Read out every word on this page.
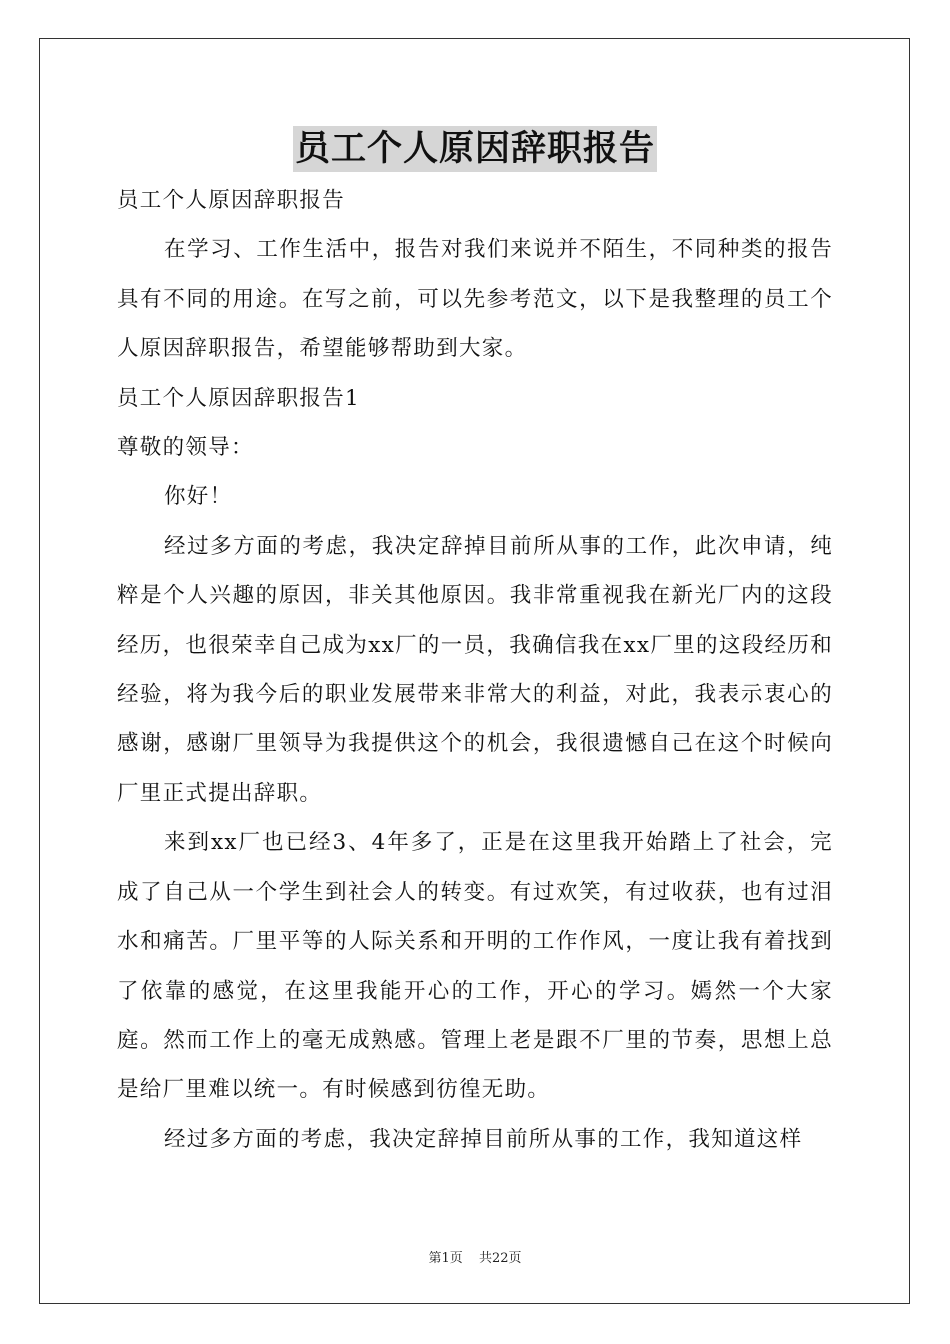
员工个人原因辞职报告

员工个人原因辞职报告

在学习、工作生活中，报告对我们来说并不陌生，不同种类的报告具有不同的用途。在写之前，可以先参考范文，以下是我整理的员工个人原因辞职报告，希望能够帮助到大家。

员工个人原因辞职报告1

尊敬的领导：

你好！

经过多方面的考虑，我决定辞掉目前所从事的工作，此次申请，纯粹是个人兴趣的原因，非关其他原因。我非常重视我在新光厂内的这段经历，也很荣幸自己成为xx厂的一员，我确信我在xx厂里的这段经历和经验，将为我今后的职业发展带来非常大的利益，对此，我表示衷心的感谢，感谢厂里领导为我提供这个的机会，我很遗憾自己在这个时候向厂里正式提出辞职。

来到xx厂也已经3、4年多了，正是在这里我开始踏上了社会，完成了自己从一个学生到社会人的转变。有过欢笑，有过收获，也有过泪水和痛苦。厂里平等的人际关系和开明的工作作风，一度让我有着找到了依靠的感觉，在这里我能开心的工作，开心的学习。嫣然一个大家庭。然而工作上的毫无成熟感。管理上老是跟不厂里的节奏，思想上总是给厂里难以统一。有时候感到彷徨无助。

经过多方面的考虑，我决定辞掉目前所从事的工作，我知道这样

第1页 共22页
